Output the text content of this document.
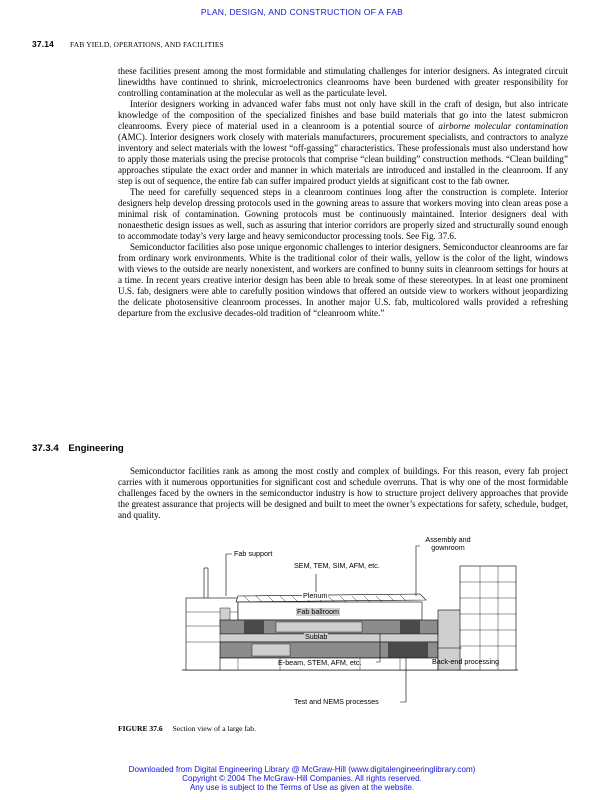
PLAN, DESIGN, AND CONSTRUCTION OF A FAB
37.14 FAB YIELD, OPERATIONS, AND FACILITIES

these facilities present among the most formidable and stimulating challenges for interior designers. As integrated circuit linewidths have continued to shrink, microelectronics cleanrooms have been burdened with greater responsibility for controlling contamination at the molecular as well as the particulate level.

Interior designers working in advanced wafer fabs must not only have skill in the craft of design, but also intricate knowledge of the composition of the specialized finishes and base build materials that go into the latest submicron cleanrooms. Every piece of material used in a cleanroom is a potential source of airborne molecular contamination (AMC). Interior designers work closely with materials manufacturers, procurement specialists, and contractors to analyze inventory and select materials with the lowest “off-gassing” characteristics. These professionals must also understand how to apply those materials using the precise protocols that comprise “clean building” construction methods. “Clean building” approaches stipulate the exact order and manner in which materials are introduced and installed in the cleanroom. If any step is out of sequence, the entire fab can suffer impaired product yields at significant cost to the fab owner.

The need for carefully sequenced steps in a cleanroom continues long after the construction is complete. Interior designers help develop dressing protocols used in the gowning areas to assure that workers moving into clean areas pose a minimal risk of contamination. Gowning protocols must be continuously maintained. Interior designers deal with nonaesthetic design issues as well, such as assuring that interior corridors are properly sized and structurally sound enough to accommodate today’s very large and heavy semiconductor processing tools. See Fig. 37.6.

Semiconductor facilities also pose unique ergonomic challenges to interior designers. Semiconductor cleanrooms are far from ordinary work environments. White is the traditional color of their walls, yellow is the color of the light, windows with views to the outside are nearly nonexistent, and workers are confined to bunny suits in cleanroom settings for hours at a time. In recent years creative interior design has been able to break some of these stereotypes. In at least one prominent U.S. fab, designers were able to carefully position windows that offered an outside view to workers without jeopardizing the delicate photosensitive cleanroom processes. In another major U.S. fab, multicolored walls provided a refreshing departure from the exclusive decades-old tradition of “cleanroom white.”

37.3.4 Engineering

Semiconductor facilities rank as among the most costly and complex of buildings. For this reason, every fab project carries with it numerous opportunities for significant cost and schedule overruns. That is why one of the most formidable challenges faced by the owners in the semiconductor industry is how to structure project delivery approaches that provide the greatest assurance that projects will be designed and built to meet the owner’s expectations for safety, schedule, budget, and quality.

Fab support
Assembly and
gownroom
SEM, TEM, SIM, AFM, etc.
Plenum
Fab ballroom
Sublab
E-beam, STEM, AFM, etc.	Back-end processing
Test and NEMS processes
FIGURE 37.6 Section view of a large fab.
Downloaded from Digital Engineering Library @ McGraw-Hill (www.digitalengineeringlibrary.com)
Copyright © 2004 The McGraw-Hill Companies. All rights reserved.
Any use is subject to the Terms of Use as given at the website.
